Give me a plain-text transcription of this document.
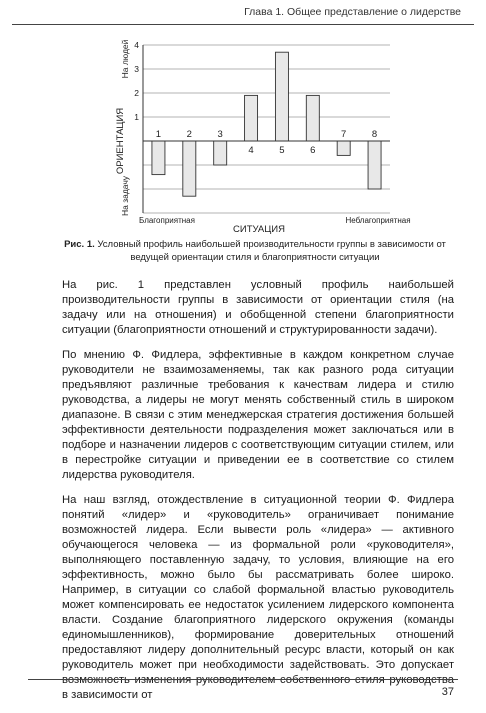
Глава 1. Общее представление о лидерстве
4
3
2
1
1	2	3
4	5	6
7	8
ОРИЕНТАЦИЯ
На людей
На задачу
СИТУАЦИЯ
Благоприятная	Неблагоприятная
Рис. 1. Условный профиль наибольшей производительности группы в зависимости от ведущей ориентации стиля и благоприятности ситуации

На рис. 1 представлен условный профиль наибольшей производительности группы в зависимости от ориентации стиля (на задачу или на отношения) и обобщенной степени благоприятности ситуации (благоприятности отношений и структурированности задачи).

По мнению Ф. Фидлера, эффективные в каждом конкретном случае руководители не взаимозаменяемы, так как разного рода ситуации предъявляют различные требования к качествам лидера и стилю руководства, а лидеры не могут менять собственный стиль в широком диапазоне. В связи с этим менеджерская стратегия достижения большей эффективности деятельности подразделения может заключаться или в подборе и назначении лидеров с соответствующим ситуации стилем, или в перестройке ситуации и приведении ее в соответствие со стилем лидерства руководителя.

На наш взгляд, отождествление в ситуационной теории Ф. Фидлера понятий «лидер» и «руководитель» ограничивает понимание возможностей лидера. Если вывести роль «лидера» — активного обучающегося человека — из формальной роли «руководителя», выполняющего поставленную задачу, то условия, влияющие на его эффективность, можно было бы рассматривать более широко. Например, в ситуации со слабой формальной властью руководитель может компенсировать ее недостаток усилением лидерского компонента власти. Создание благоприятного лидерского окружения (команды единомышленников), формирование доверительных отношений предоставляют лидеру дополнительный ресурс власти, который он как руководитель может при необходимости задействовать. Это допускает возможность изменения руководителем собственного стиля руководства в зависимости от	37
